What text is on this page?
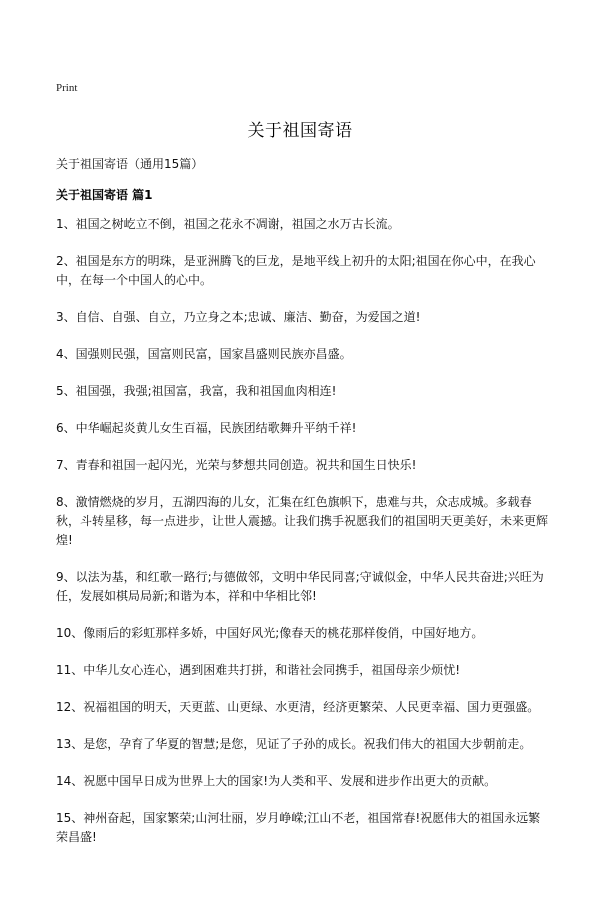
Print
关于祖国寄语
关于祖国寄语（通用15篇）
关于祖国寄语 篇1
1、祖国之树屹立不倒，祖国之花永不凋谢，祖国之水万古长流。
2、祖国是东方的明珠，是亚洲腾飞的巨龙，是地平线上初升的太阳;祖国在你心中，在我心中，在每一个中国人的心中。
3、自信、自强、自立，乃立身之本;忠诚、廉洁、勤奋，为爱国之道!
4、国强则民强，国富则民富，国家昌盛则民族亦昌盛。
5、祖国强，我强;祖国富，我富，我和祖国血肉相连!
6、中华崛起炎黄儿女生百福，民族团结歌舞升平纳千祥!
7、青春和祖国一起闪光，光荣与梦想共同创造。祝共和国生日快乐!
8、激情燃烧的岁月，五湖四海的儿女，汇集在红色旗帜下，患难与共，众志成城。多载春秋，斗转星移，每一点进步，让世人震撼。让我们携手祝愿我们的祖国明天更美好，未来更辉煌!
9、以法为基，和红歌一路行;与德做邻，文明中华民同喜;守诚似金，中华人民共奋进;兴旺为任，发展如棋局局新;和谐为本，祥和中华相比邻!
10、像雨后的彩虹那样多娇，中国好风光;像春天的桃花那样俊俏，中国好地方。
11、中华儿女心连心，遇到困难共打拼，和谐社会同携手，祖国母亲少烦忧!
12、祝福祖国的明天，天更蓝、山更绿、水更清，经济更繁荣、人民更幸福、国力更强盛。
13、是您，孕育了华夏的智慧;是您，见证了子孙的成长。祝我们伟大的祖国大步朝前走。
14、祝愿中国早日成为世界上大的国家!为人类和平、发展和进步作出更大的贡献。
15、神州奋起，国家繁荣;山河壮丽，岁月峥嵘;江山不老，祖国常春!祝愿伟大的祖国永远繁荣昌盛!
